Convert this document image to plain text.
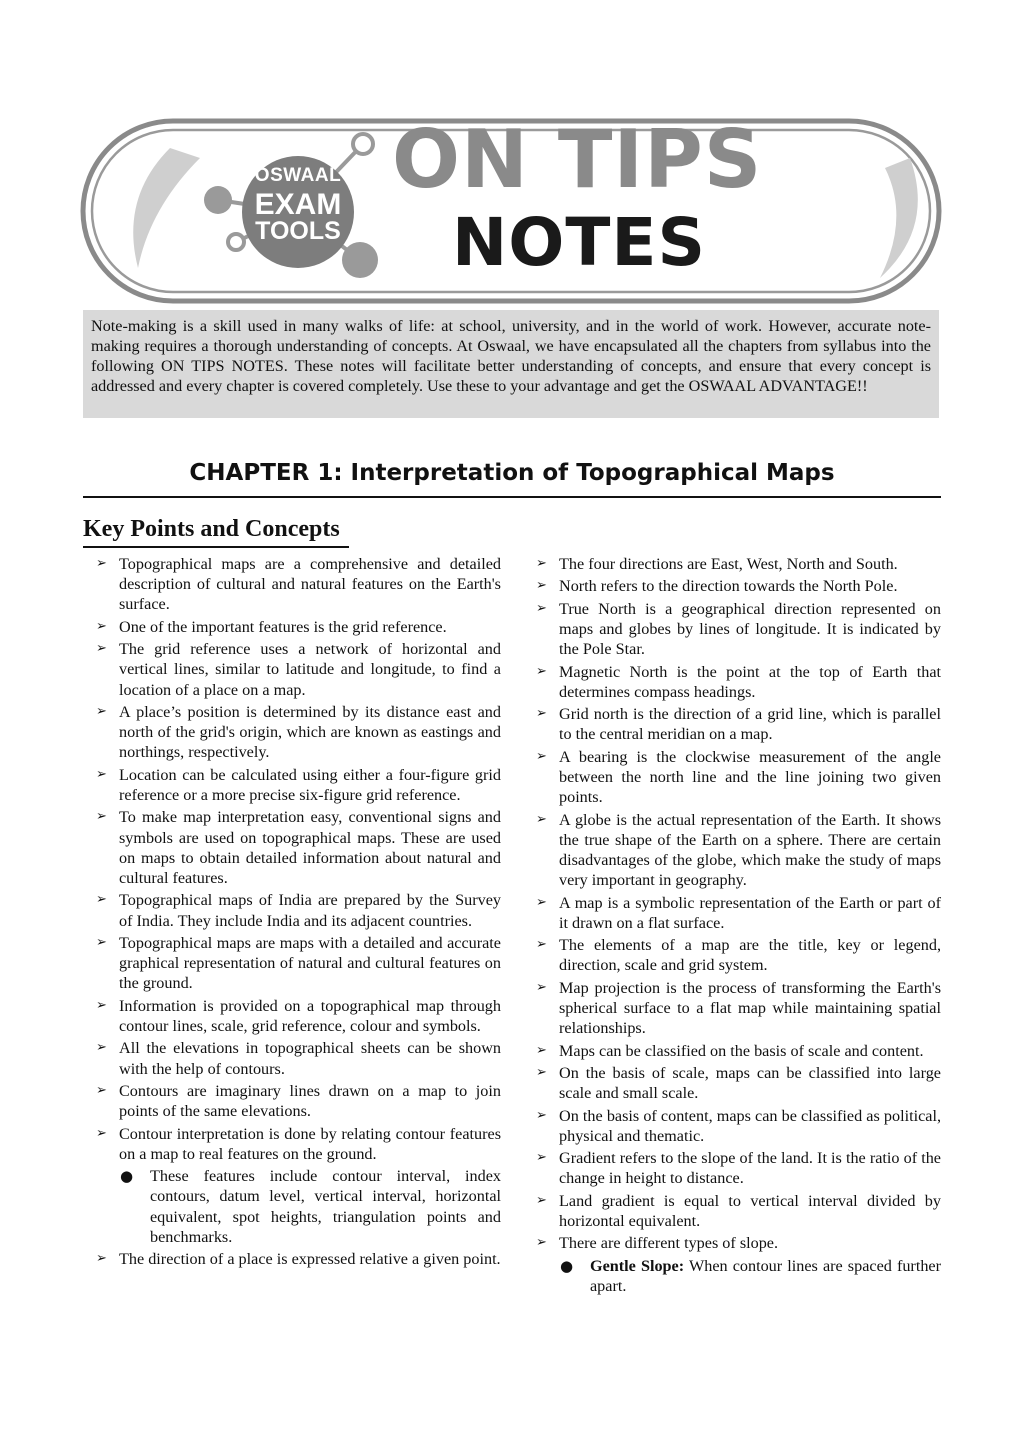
OSWAAL
EXAM
TOOLS
ON TIPS
NOTES
Note-making is a skill used in many walks of life: at school, university, and in the world of work. However, accurate note-making requires a thorough understanding of concepts. At Oswaal, we have encapsulated all the chapters from syllabus into the following ON TIPS NOTES. These notes will facilitate better understanding of concepts, and ensure that every concept is addressed and every chapter is covered completely. Use these to your advantage and get the OSWAAL ADVANTAGE!!
CHAPTER 1: Interpretation of Topographical Maps
Key Points and Concepts
➢ Topographical maps are a comprehensive and detailed description of cultural and natural features on the Earth's surface.
➢ One of the important features is the grid reference.
➢ The grid reference uses a network of horizontal and vertical lines, similar to latitude and longitude, to find a location of a place on a map.
➢ A place’s position is determined by its distance east and north of the grid's origin, which are known as eastings and northings, respectively.
➢ Location can be calculated using either a four-figure grid reference or a more precise six-figure grid reference.
➢ To make map interpretation easy, conventional signs and symbols are used on topographical maps. These are used on maps to obtain detailed information about natural and cultural features.
➢ Topographical maps of India are prepared by the Survey of India. They include India and its adjacent countries.
➢ Topographical maps are maps with a detailed and accurate graphical representation of natural and cultural features on the ground.
➢ Information is provided on a topographical map through contour lines, scale, grid reference, colour and symbols.
➢ All the elevations in topographical sheets can be shown with the help of contours.
➢ Contours are imaginary lines drawn on a map to join points of the same elevations.
➢ Contour interpretation is done by relating contour features on a map to real features on the ground.
●	These features include contour interval, index contours, datum level, vertical interval, horizontal equivalent, spot heights, triangulation points and benchmarks.
➢ The direction of a place is expressed relative a given point.
➢ The four directions are East, West, North and South.
➢ North refers to the direction towards the North Pole.
➢ True North is a geographical direction represented on maps and globes by lines of longitude. It is indicated by the Pole Star.
➢ Magnetic North is the point at the top of Earth that determines compass headings.
➢ Grid north is the direction of a grid line, which is parallel to the central meridian on a map.
➢ A bearing is the clockwise measurement of the angle between the north line and the line joining two given points.
➢ A globe is the actual representation of the Earth. It shows the true shape of the Earth on a sphere. There are certain disadvantages of the globe, which make the study of maps very important in geography.
➢ A map is a symbolic representation of the Earth or part of it drawn on a flat surface.
➢ The elements of a map are the title, key or legend, direction, scale and grid system.
➢ Map projection is the process of transforming the Earth's spherical surface to a flat map while maintaining spatial relationships.
➢ Maps can be classified on the basis of scale and content.
➢ On the basis of scale, maps can be classified into large scale and small scale.
➢ On the basis of content, maps can be classified as political, physical and thematic.
➢ Gradient refers to the slope of the land. It is the ratio of the change in height to distance.
➢ Land gradient is equal to vertical interval divided by horizontal equivalent.
➢ There are different types of slope.
●	Gentle Slope: When contour lines are spaced further apart.
